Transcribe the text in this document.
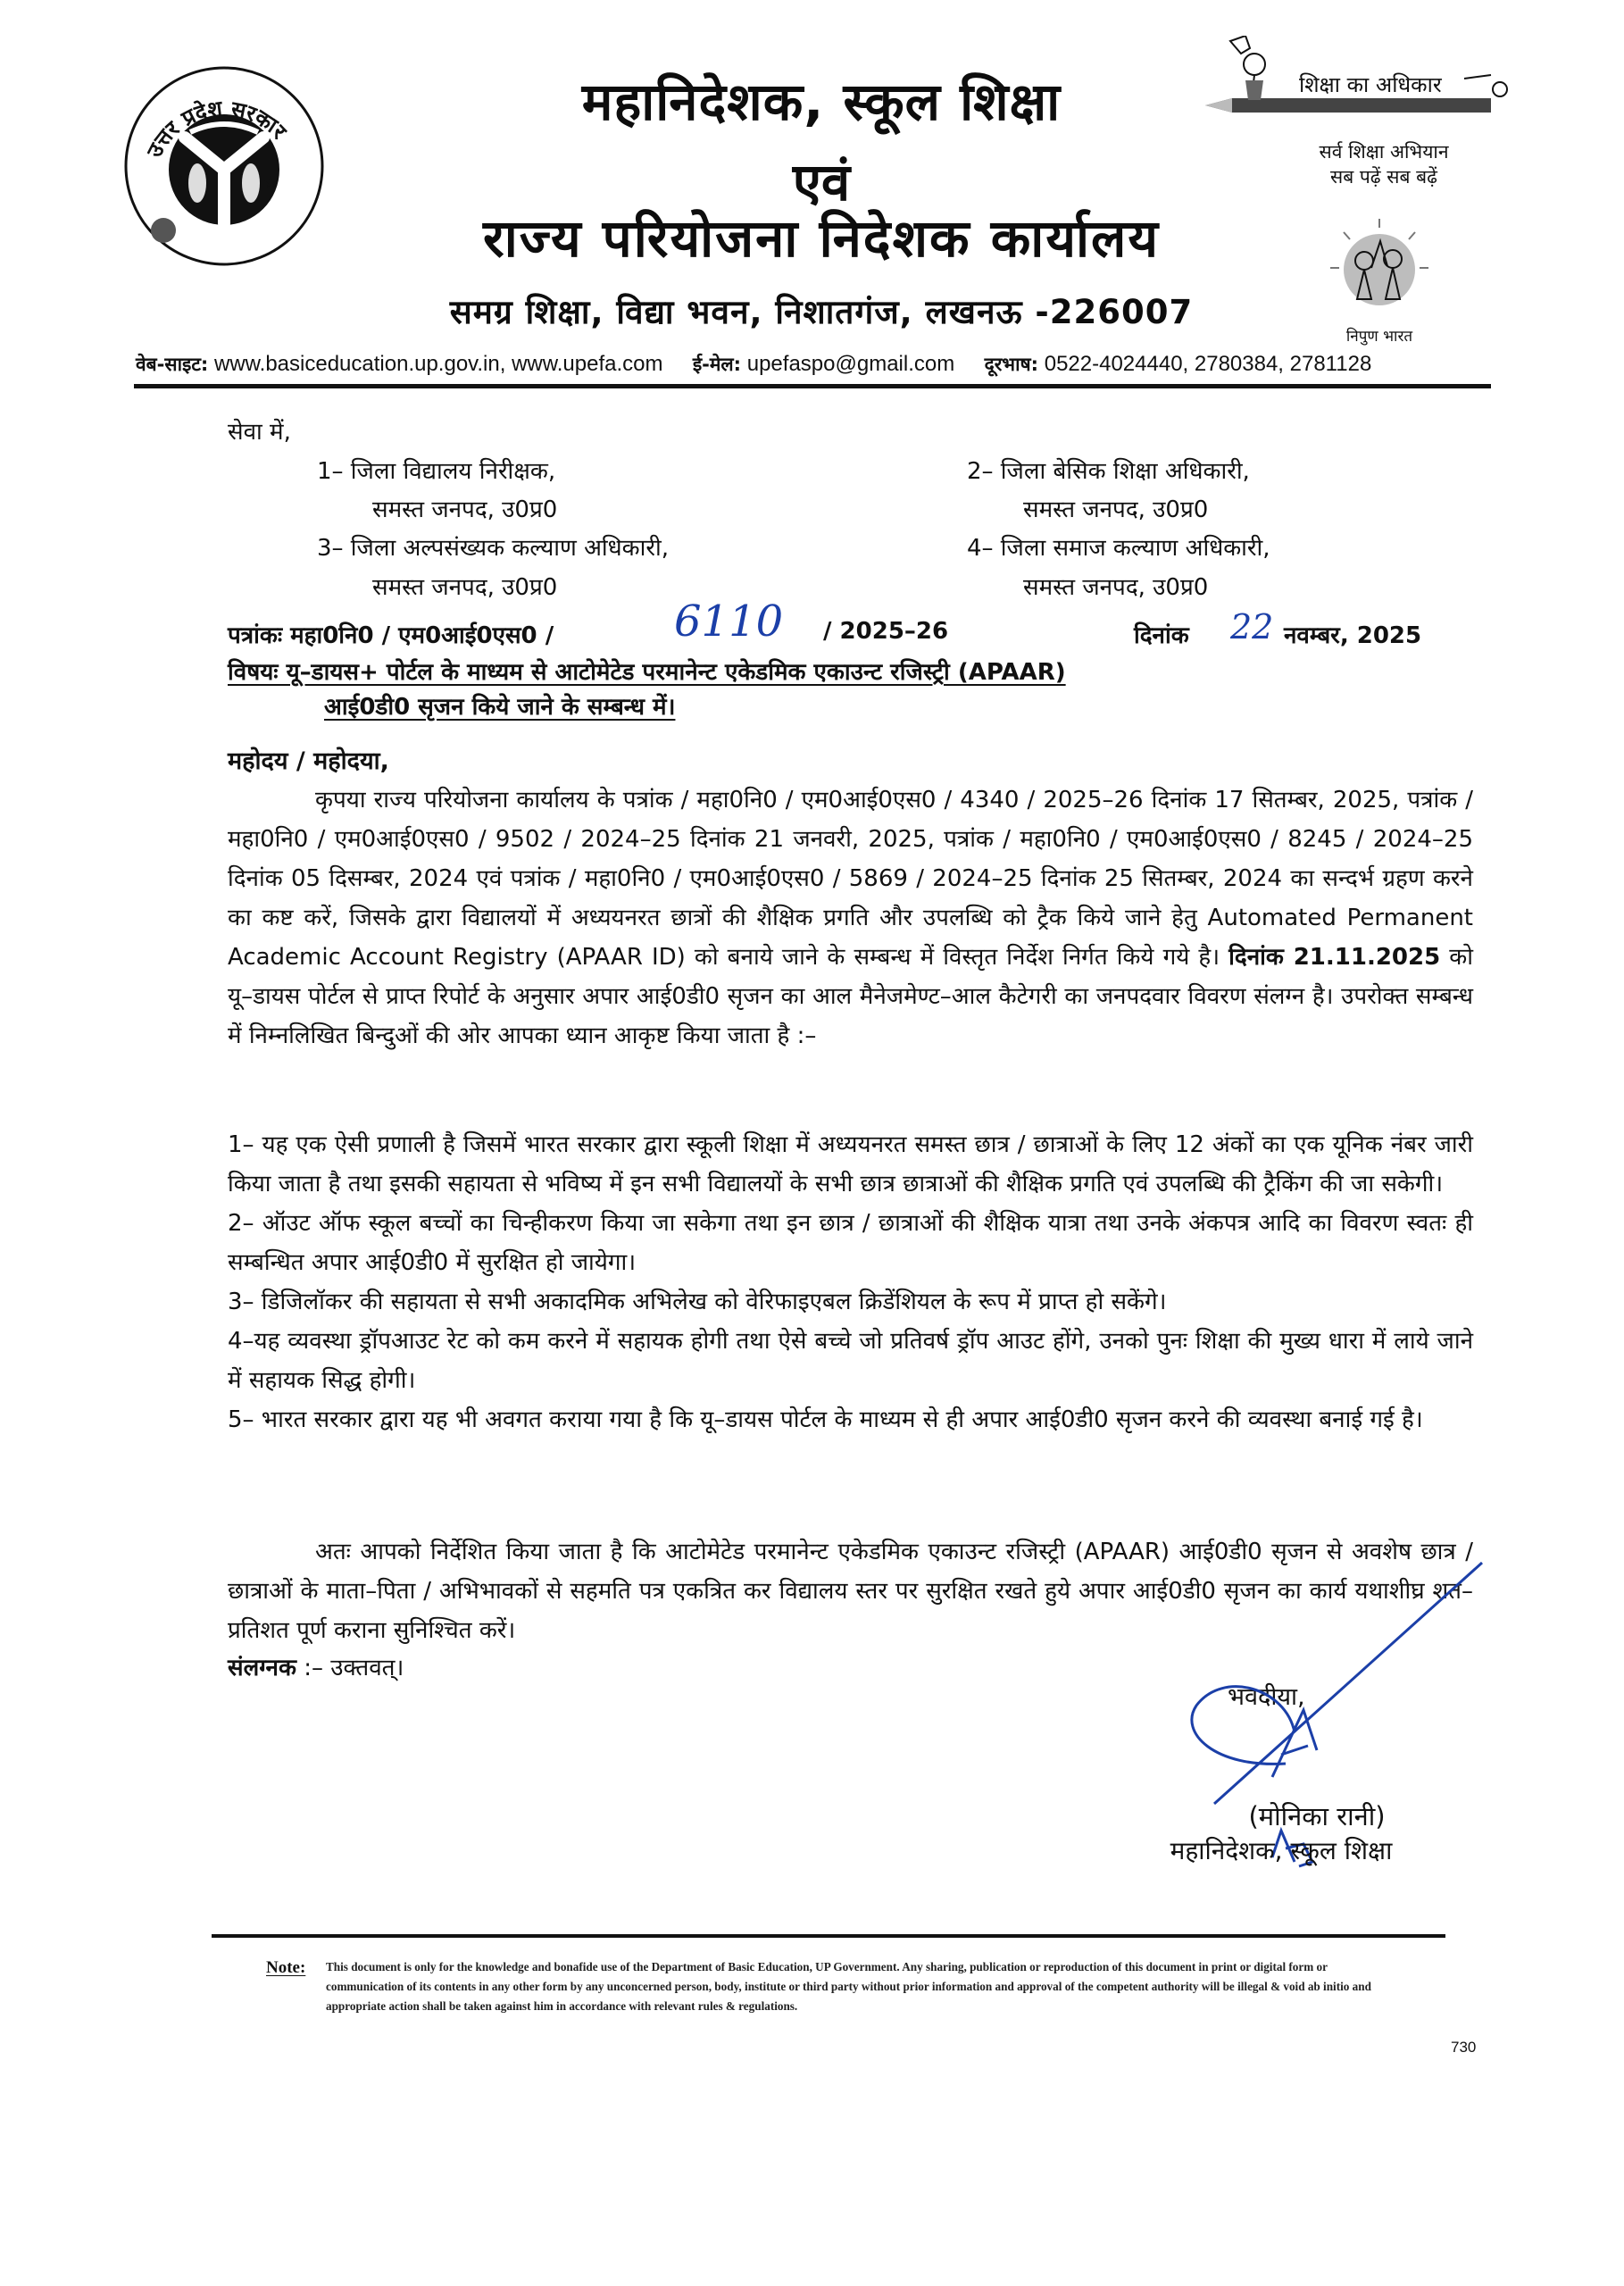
★	★
उत्तर प्रदेश सरकार	महानिदेशक, स्कूल शिक्षा
एवं
राज्य परियोजना निदेशक कार्यालय
समग्र शिक्षा, विद्या भवन, निशातगंज, लखनऊ -226007
शिक्षा का अधिकार
सर्व शिक्षा अभियान
सब पढ़ें सब बढ़ें
निपुण भारत
वेब-साइट: www.basiceducation.up.gov.in, www.upefa.com ई-मेल: upefaspo@gmail.com दूरभाष: 0522-4024440, 2780384, 2781128
सेवा में,
1– जिला विद्यालय निरीक्षक,
समस्त जनपद, उ0प्र0
2– जिला बेसिक शिक्षा अधिकारी,
समस्त जनपद, उ0प्र0
3– जिला अल्पसंख्यक कल्याण अधिकारी,
समस्त जनपद, उ0प्र0
4– जिला समाज कल्याण अधिकारी,
समस्त जनपद, उ0प्र0
पत्रांकः महा0नि0 / एम0आई0एस0 /	6110 / 2025–26	दिनांक 22 नवम्बर, 2025
विषयः यू–डायस+ पोर्टल के माध्यम से आटोमेटेड परमानेन्ट एकेडमिक एकाउन्ट रजिस्ट्री (APAAR)
आई0डी0 सृजन किये जाने के सम्बन्ध में।
महोदय / महोदया,
कृपया राज्य परियोजना कार्यालय के पत्रांक / महा0नि0 / एम0आई0एस0 / 4340 / 2025–26 दिनांक 17 सितम्बर, 2025, पत्रांक / महा0नि0 / एम0आई0एस0 / 9502 / 2024–25 दिनांक 21 जनवरी, 2025, पत्रांक / महा0नि0 / एम0आई0एस0 / 8245 / 2024–25 दिनांक 05 दिसम्बर, 2024 एवं पत्रांक / महा0नि0 / एम0आई0एस0 / 5869 / 2024–25 दिनांक 25 सितम्बर, 2024 का सन्दर्भ ग्रहण करने का कष्ट करें, जिसके द्वारा विद्यालयों में अध्ययनरत छात्रों की शैक्षिक प्रगति और उपलब्धि को ट्रैक किये जाने हेतु Automated Permanent Academic Account Registry (APAAR ID) को बनाये जाने के सम्बन्ध में विस्तृत निर्देश निर्गत किये गये है। दिनांक 21.11.2025 को यू–डायस पोर्टल से प्राप्त रिपोर्ट के अनुसार अपार आई0डी0 सृजन का आल मैनेजमेण्ट–आल कैटेगरी का जनपदवार विवरण संलग्न है। उपरोक्त सम्बन्ध में निम्नलिखित बिन्दुओं की ओर आपका ध्यान आकृष्ट किया जाता है :–
1– यह एक ऐसी प्रणाली है जिसमें भारत सरकार द्वारा स्कूली शिक्षा में अध्ययनरत समस्त छात्र / छात्राओं के लिए 12 अंकों का एक यूनिक नंबर जारी किया जाता है तथा इसकी सहायता से भविष्य में इन सभी विद्यालयों के सभी छात्र छात्राओं की शैक्षिक प्रगति एवं उपलब्धि की ट्रैकिंग की जा सकेगी।
2– ऑउट ऑफ स्कूल बच्चों का चिन्हीकरण किया जा सकेगा तथा इन छात्र / छात्राओं की शैक्षिक यात्रा तथा उनके अंकपत्र आदि का विवरण स्वतः ही सम्बन्धित अपार आई0डी0 में सुरक्षित हो जायेगा।
3– डिजिलॉकर की सहायता से सभी अकादमिक अभिलेख को वेरिफाइएबल क्रिडेंशियल के रूप में प्राप्त हो सकेंगे।
4–यह व्यवस्था ड्रॉपआउट रेट को कम करने में सहायक होगी तथा ऐसे बच्चे जो प्रतिवर्ष ड्रॉप आउट होंगे, उनको पुनः शिक्षा की मुख्य धारा में लाये जाने में सहायक सिद्ध होगी।
5– भारत सरकार द्वारा यह भी अवगत कराया गया है कि यू–डायस पोर्टल के माध्यम से ही अपार आई0डी0 सृजन करने की व्यवस्था बनाई गई है।
अतः आपको निर्देशित किया जाता है कि आटोमेटेड परमानेन्ट एकेडमिक एकाउन्ट रजिस्ट्री (APAAR) आई0डी0 सृजन से अवशेष छात्र / छात्राओं के माता–पिता / अभिभावकों से सहमति पत्र एकत्रित कर विद्यालय स्तर पर सुरक्षित रखते हुये अपार आई0डी0 सृजन का कार्य यथाशीघ्र शत–प्रतिशत पूर्ण कराना सुनिश्चित करें।
संलग्नक :– उक्तवत्।
भवदीया,
(मोनिका रानी)
महानिदेशक, स्कूल शिक्षा
Note: This document is only for the knowledge and bonafide use of the Department of Basic Education, UP Government. Any sharing, publication or reproduction of this document in print or digital form or communication of its contents in any other form by any unconcerned person, body, institute or third party without prior information and approval of the competent authority will be illegal & void ab initio and appropriate action shall be taken against him in accordance with relevant rules & regulations.
730
